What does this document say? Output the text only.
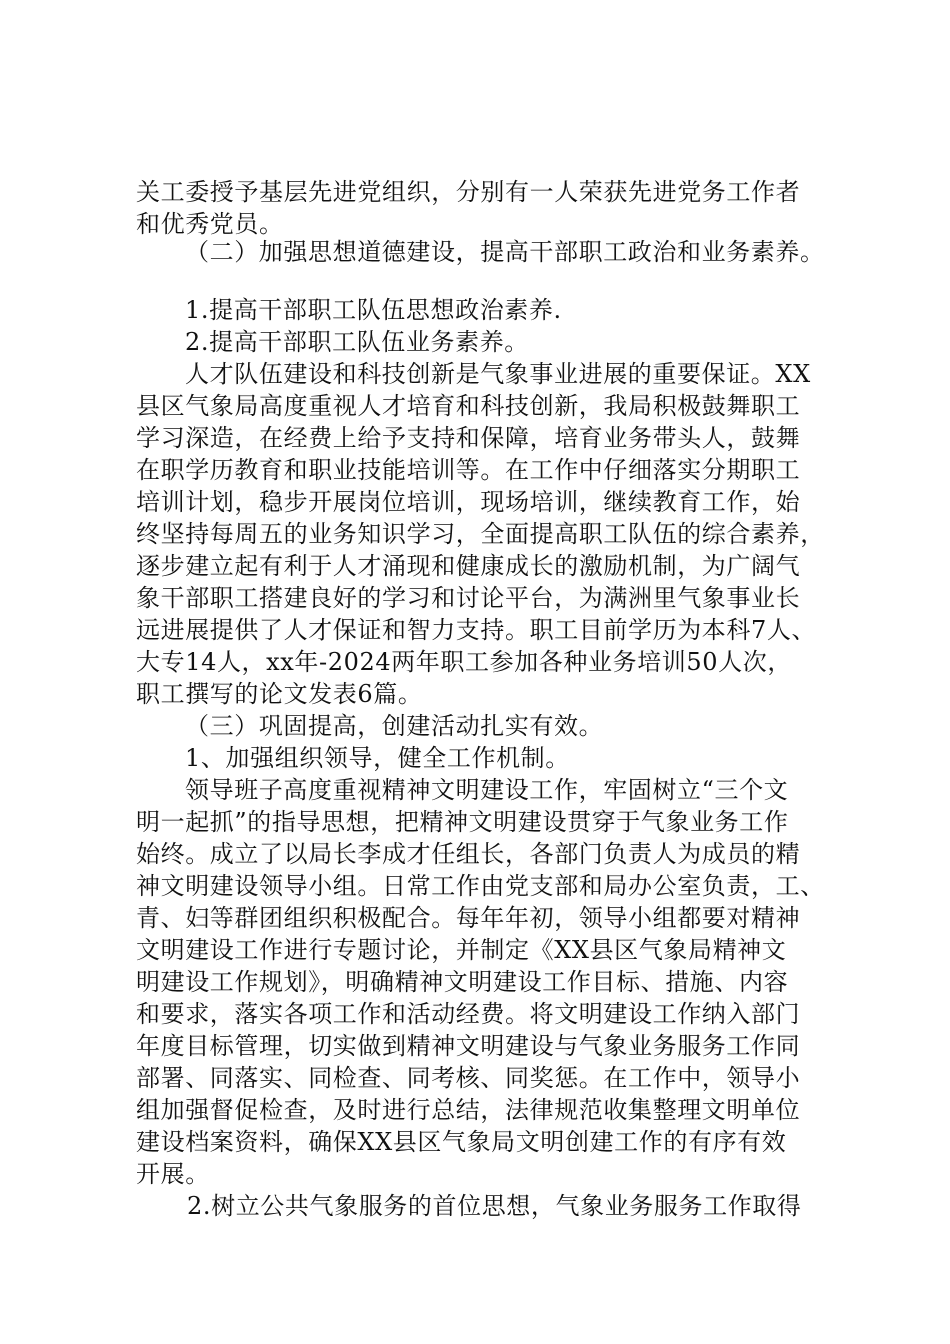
关工委授予基层先进党组织，分别有一人荣获先进党务工作者
和优秀党员。
（二）加强思想道德建设，提高干部职工政治和业务素养。
1.提高干部职工队伍思想政治素养.
2.提高干部职工队伍业务素养。
人才队伍建设和科技创新是气象事业进展的重要保证。XX
县区气象局高度重视人才培育和科技创新，我局积极鼓舞职工
学习深造，在经费上给予支持和保障，培育业务带头人，鼓舞
在职学历教育和职业技能培训等。在工作中仔细落实分期职工
培训计划，稳步开展岗位培训，现场培训，继续教育工作，始
终坚持每周五的业务知识学习，全面提高职工队伍的综合素养，
逐步建立起有利于人才涌现和健康成长的激励机制，为广阔气
象干部职工搭建良好的学习和讨论平台，为满洲里气象事业长
远进展提供了人才保证和智力支持。职工目前学历为本科7人、
大专14人，xx年-2024两年职工参加各种业务培训50人次，
职工撰写的论文发表6篇。
（三）巩固提高，创建活动扎实有效。
1、加强组织领导，健全工作机制。
领导班子高度重视精神文明建设工作，牢固树立“三个文
明一起抓”的指导思想，把精神文明建设贯穿于气象业务工作
始终。成立了以局长李成才任组长，各部门负责人为成员的精
神文明建设领导小组。日常工作由党支部和局办公室负责，工、
青、妇等群团组织积极配合。每年年初，领导小组都要对精神
文明建设工作进行专题讨论，并制定《XX县区气象局精神文
明建设工作规划》，明确精神文明建设工作目标、措施、内容
和要求，落实各项工作和活动经费。将文明建设工作纳入部门
年度目标管理，切实做到精神文明建设与气象业务服务工作同
部署、同落实、同检查、同考核、同奖惩。在工作中，领导小
组加强督促检查，及时进行总结，法律规范收集整理文明单位
建设档案资料，确保XX县区气象局文明创建工作的有序有效
开展。
2.树立公共气象服务的首位思想，气象业务服务工作取得
